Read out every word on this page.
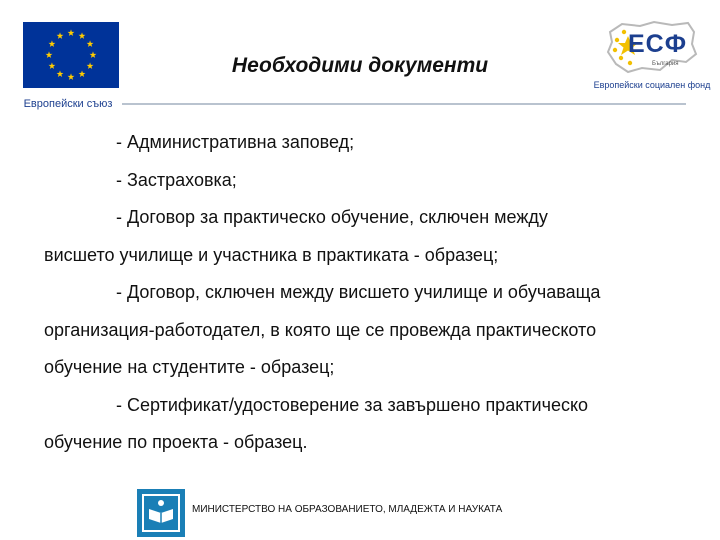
Европейски съюз
Необходими документи
ЕСФ
България
Европейски социален фонд

- Административна заповед;

- Застраховка;

- Договор за практическо обучение, сключен между

висшето училище и участника в практиката - образец;

- Договор, сключен между висшето училище и обучаваща

организация-работодател, в която ще се провежда практическото

обучение на студентите - образец;

- Сертификат/удостоверение за завършено практическо

обучение по проекта - образец.

МИНИСТЕРСТВО НА ОБРАЗОВАНИЕТО, МЛАДЕЖТА И НАУКАТА
